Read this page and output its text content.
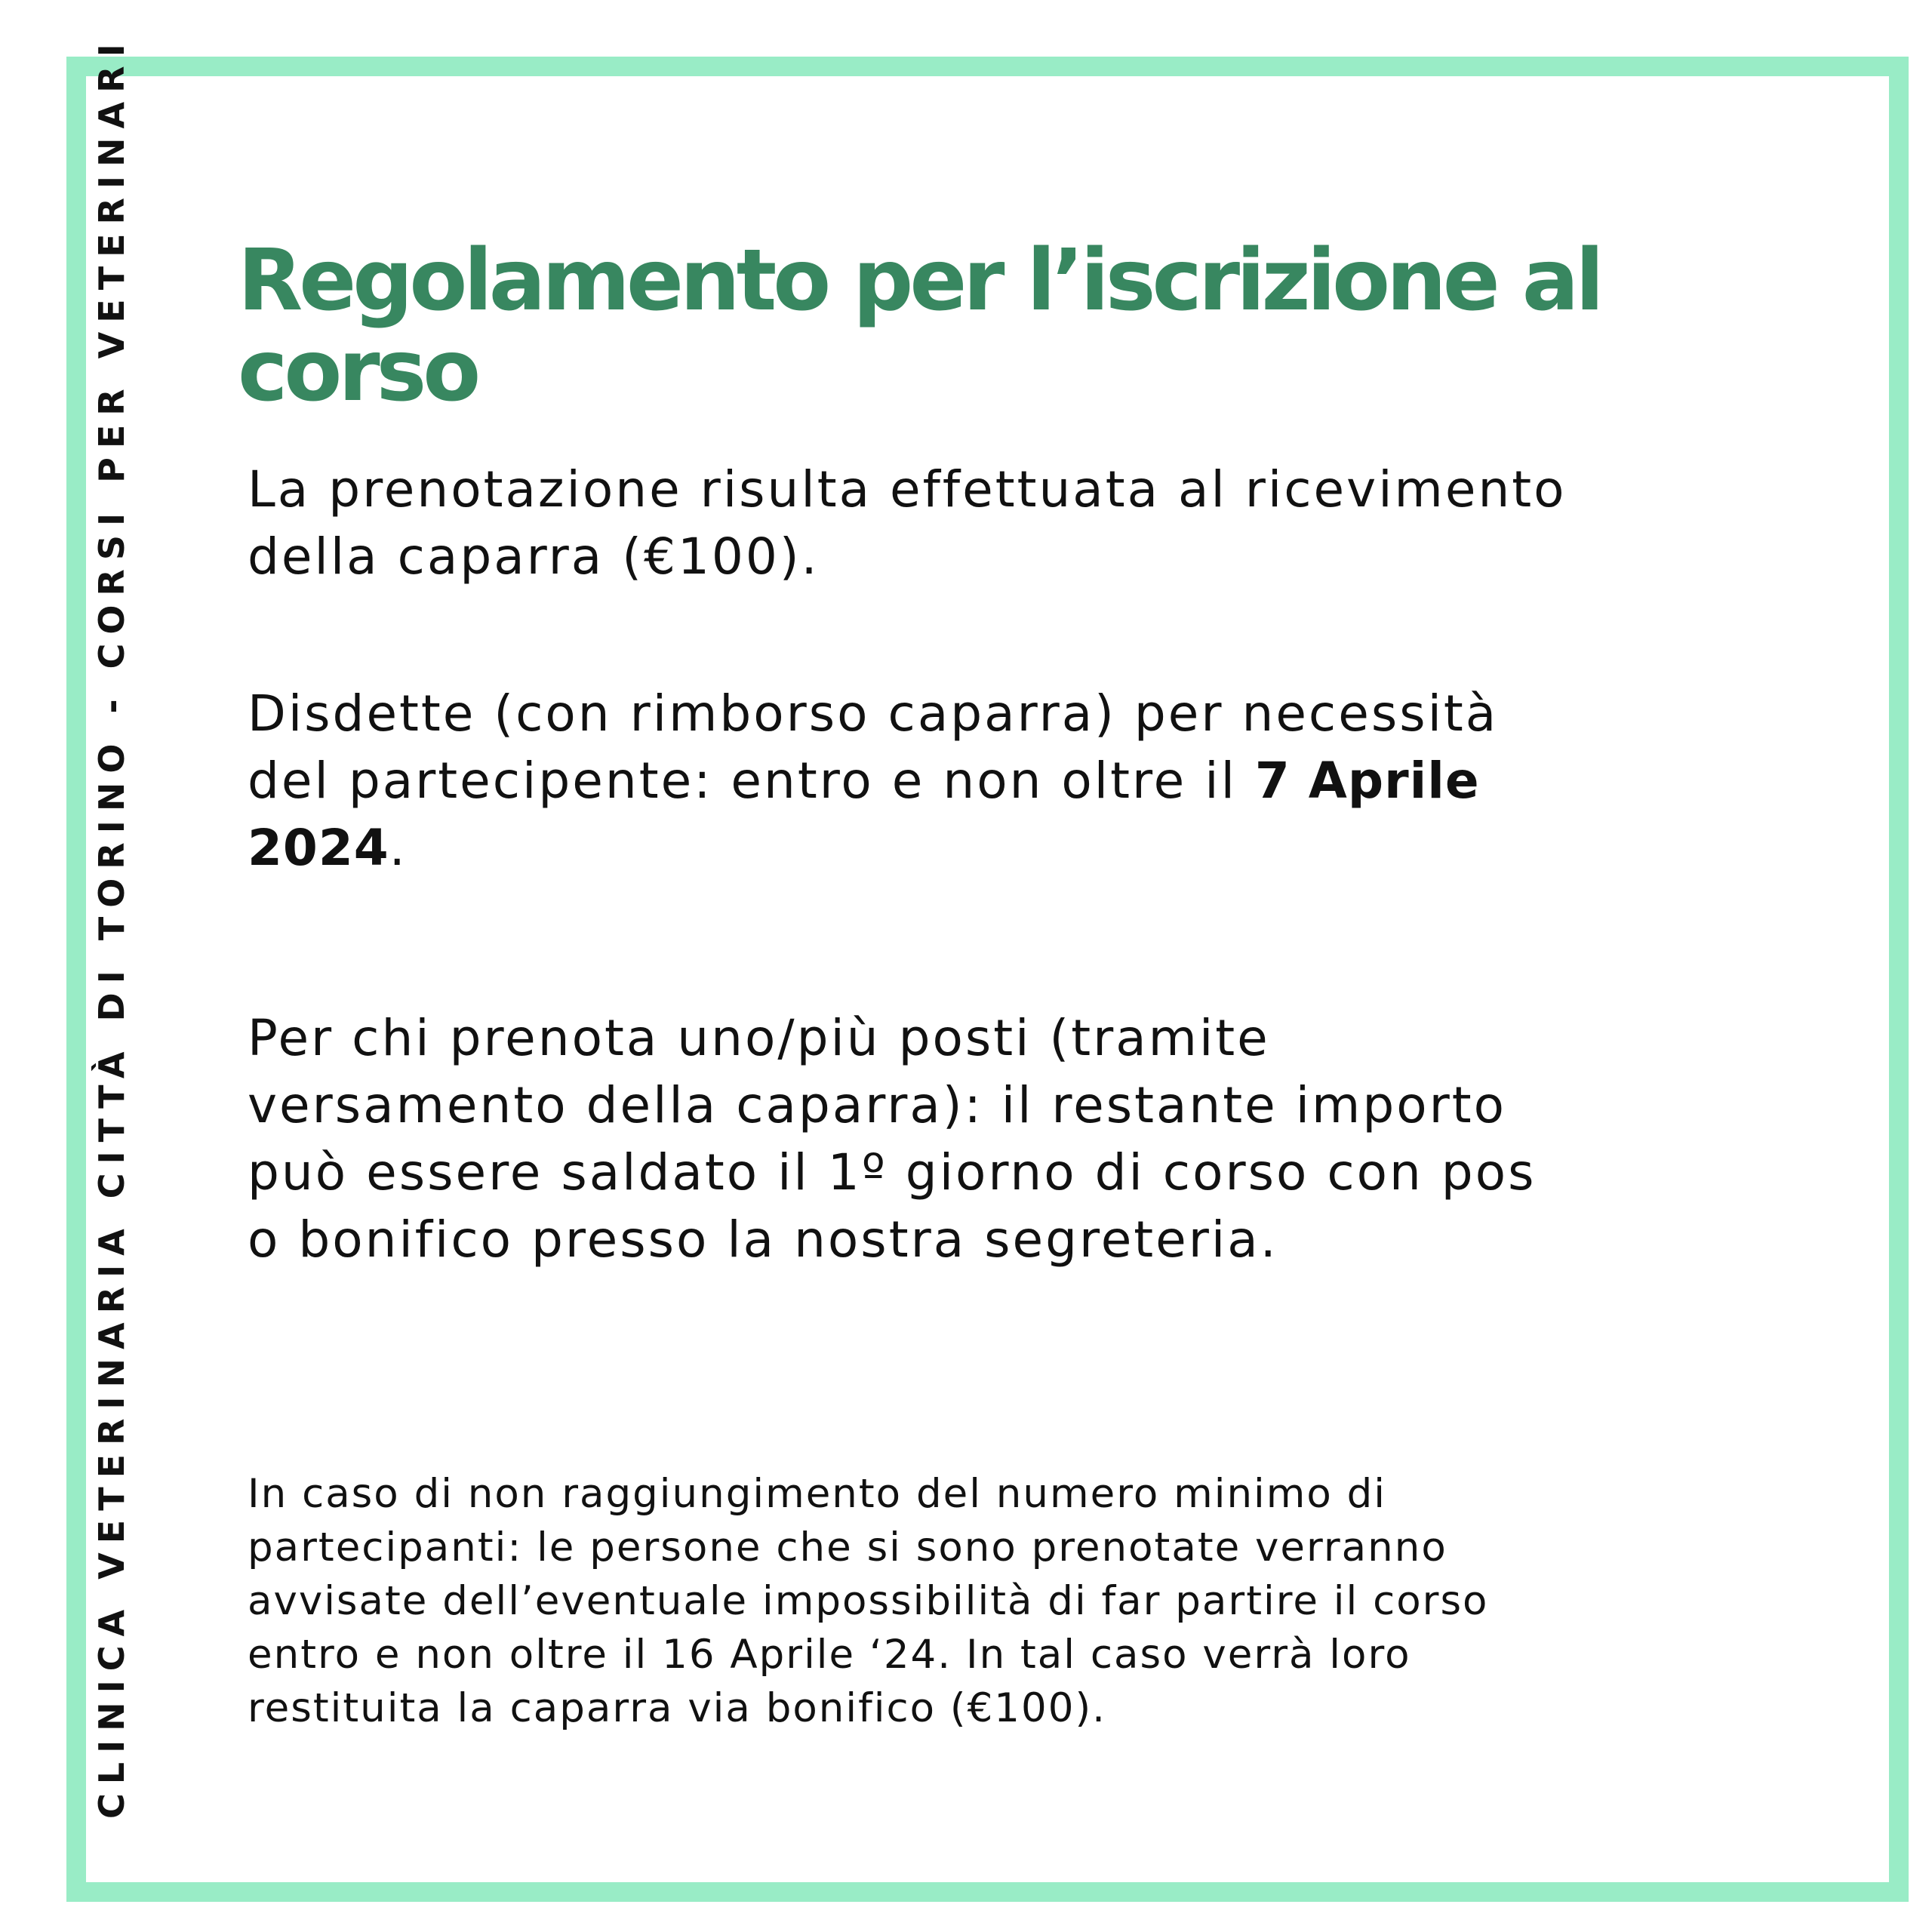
CLINICA VETERINARIA CITTÀ DI TORINO - CORSI PER VETERINARI Regolamento per l’iscrizione al corso

La prenotazione risulta effettuata al ricevimento della caparra (€100).

Disdette (con rimborso caparra) per necessità del partecipente: entro e non oltre il 7 Aprile 2024.

Per chi prenota uno/più posti (tramite versamento della caparra): il restante importo può essere saldato il 1º giorno di corso con pos o bonifico presso la nostra segreteria.

In caso di non raggiungimento del numero minimo di partecipanti: le persone che si sono prenotate verranno avvisate dell’eventuale impossibilità di far partire il corso entro e non oltre il 16 Aprile ‘24. In tal caso verrà loro restituita la caparra via bonifico (€100).
